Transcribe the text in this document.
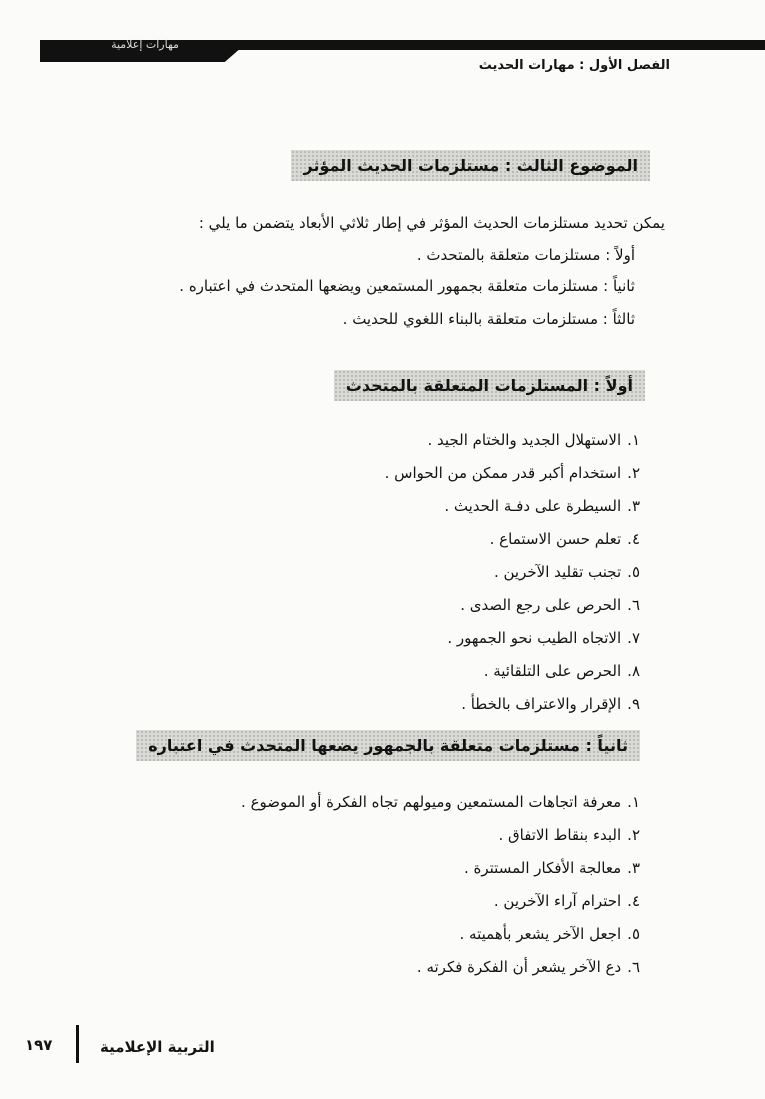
مهارات إعلامية
الفصل الأول : مهارات الحديث
الموضوع الثالث : مستلزمات الحديث المؤثر
يمكن تحديد مستلزمات الحديث المؤثر في إطار ثلاثي الأبعاد يتضمن ما يلي :
أولاً : مستلزمات متعلقة بالمتحدث .
ثانياً : مستلزمات متعلقة بجمهور المستمعين ويضعها المتحدث في اعتباره .
ثالثاً : مستلزمات متعلقة بالبناء اللغوي للحديث .
أولاً : المستلزمات المتعلقة بالمتحدث
١.الاستهلال الجديد والختام الجيد .
٢.استخدام أكبر قدر ممكن من الحواس .
٣.السيطرة على دفـة الحديث .
٤.تعلم حسن الاستماع .
٥.تجنب تقليد الآخرين .
٦.الحرص على رجع الصدى .
٧.الاتجاه الطيب نحو الجمهور .
٨.الحرص على التلقائية .
٩.الإقرار والاعتراف بالخطأ .
ثانياً : مستلزمات متعلقة بالجمهور يضعها المتحدث في اعتباره
١.معرفة اتجاهات المستمعين وميولهم تجاه الفكرة أو الموضوع .
٢.البدء بنقاط الاتفاق .
٣.معالجة الأفكار المستترة .
٤.احترام آراء الآخرين .
٥.اجعل الآخر يشعر بأهميته .
٦.دع الآخر يشعر أن الفكرة فكرته .
التربية الإعلامية
١٩٧
